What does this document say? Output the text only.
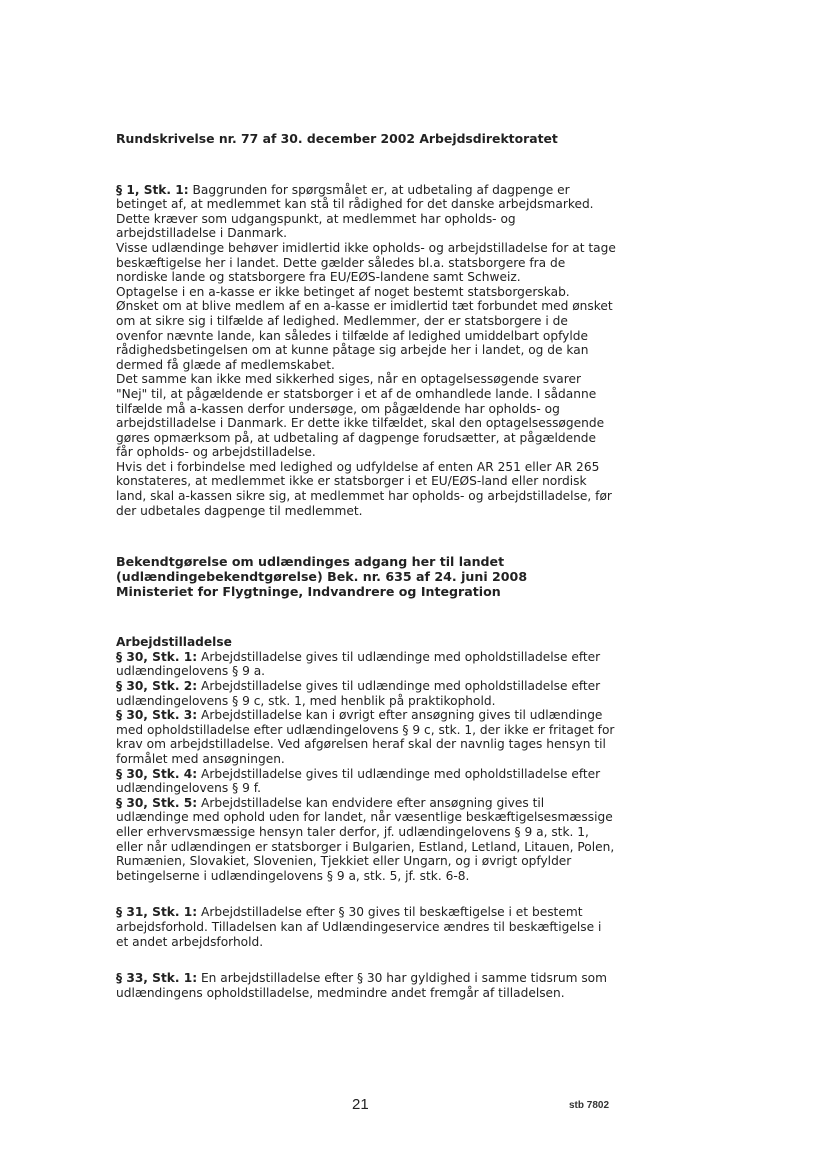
Rundskrivelse nr. 77 af 30. december 2002 Arbejdsdirektoratet

§ 1, Stk. 1: Baggrunden for spørgsmålet er, at udbetaling af dagpenge er betinget af, at medlemmet kan stå til rådighed for det danske arbejdsmarked. Dette kræver som udgangspunkt, at medlemmet har opholds- og arbejdstilladelse i Danmark.

Visse udlændinge behøver imidlertid ikke opholds- og arbejdstilladelse for at tage beskæftigelse her i landet. Dette gælder således bl.a. statsborgere fra de nordiske lande og statsborgere fra EU/EØS-landene samt Schweiz.

Optagelse i en a-kasse er ikke betinget af noget bestemt statsborgerskab. Ønsket om at blive medlem af en a-kasse er imidlertid tæt forbundet med ønsket om at sikre sig i tilfælde af ledighed. Medlemmer, der er statsborgere i de ovenfor nævnte lande, kan således i tilfælde af ledighed umiddelbart opfylde rådighedsbetingelsen om at kunne påtage sig arbejde her i landet, og de kan dermed få glæde af medlemskabet.

Det samme kan ikke med sikkerhed siges, når en optagelsessøgende svarer "Nej" til, at pågældende er statsborger i et af de omhandlede lande. I sådanne tilfælde må a-kassen derfor undersøge, om pågældende har opholds- og arbejdstilladelse i Danmark. Er dette ikke tilfældet, skal den optagelsessøgende gøres opmærksom på, at udbetaling af dagpenge forudsætter, at pågældende får opholds- og arbejdstilladelse.

Hvis det i forbindelse med ledighed og udfyldelse af enten AR 251 eller AR 265 konstateres, at medlemmet ikke er statsborger i et EU/EØS-land eller nordisk land, skal a-kassen sikre sig, at medlemmet har opholds- og arbejdstilladelse, før der udbetales dagpenge til medlemmet.

Bekendtgørelse om udlændinges adgang her til landet

(udlændingebekendtgørelse) Bek. nr. 635 af 24. juni 2008

Ministeriet for Flygtninge, Indvandrere og Integration

Arbejdstilladelse

§ 30, Stk. 1: Arbejdstilladelse gives til udlændinge med opholdstilladelse efter udlændingelovens § 9 a.

§ 30, Stk. 2: Arbejdstilladelse gives til udlændinge med opholdstilladelse efter udlændingelovens § 9 c, stk. 1, med henblik på praktikophold.

§ 30, Stk. 3: Arbejdstilladelse kan i øvrigt efter ansøgning gives til udlændinge med opholdstilladelse efter udlændingelovens § 9 c, stk. 1, der ikke er fritaget for krav om arbejdstilladelse. Ved afgørelsen heraf skal der navnlig tages hensyn til formålet med ansøgningen.

§ 30, Stk. 4: Arbejdstilladelse gives til udlændinge med opholdstilladelse efter udlændingelovens § 9 f.

§ 30, Stk. 5: Arbejdstilladelse kan endvidere efter ansøgning gives til udlændinge med ophold uden for landet, når væsentlige beskæftigelsesmæssige eller erhvervsmæssige hensyn taler derfor, jf. udlændingelovens § 9 a, stk. 1, eller når udlændingen er statsborger i Bulgarien, Estland, Letland, Litauen, Polen, Rumænien, Slovakiet, Slovenien, Tjekkiet eller Ungarn, og i øvrigt opfylder betingelserne i udlændingelovens § 9 a, stk. 5, jf. stk. 6-8.

§ 31, Stk. 1: Arbejdstilladelse efter § 30 gives til beskæftigelse i et bestemt arbejdsforhold. Tilladelsen kan af Udlændingeservice ændres til beskæftigelse i et andet arbejdsforhold.

§ 33, Stk. 1: En arbejdstilladelse efter § 30 har gyldighed i samme tidsrum som udlændingens opholdstilladelse, medmindre andet fremgår af tilladelsen.

21	stb 7802
